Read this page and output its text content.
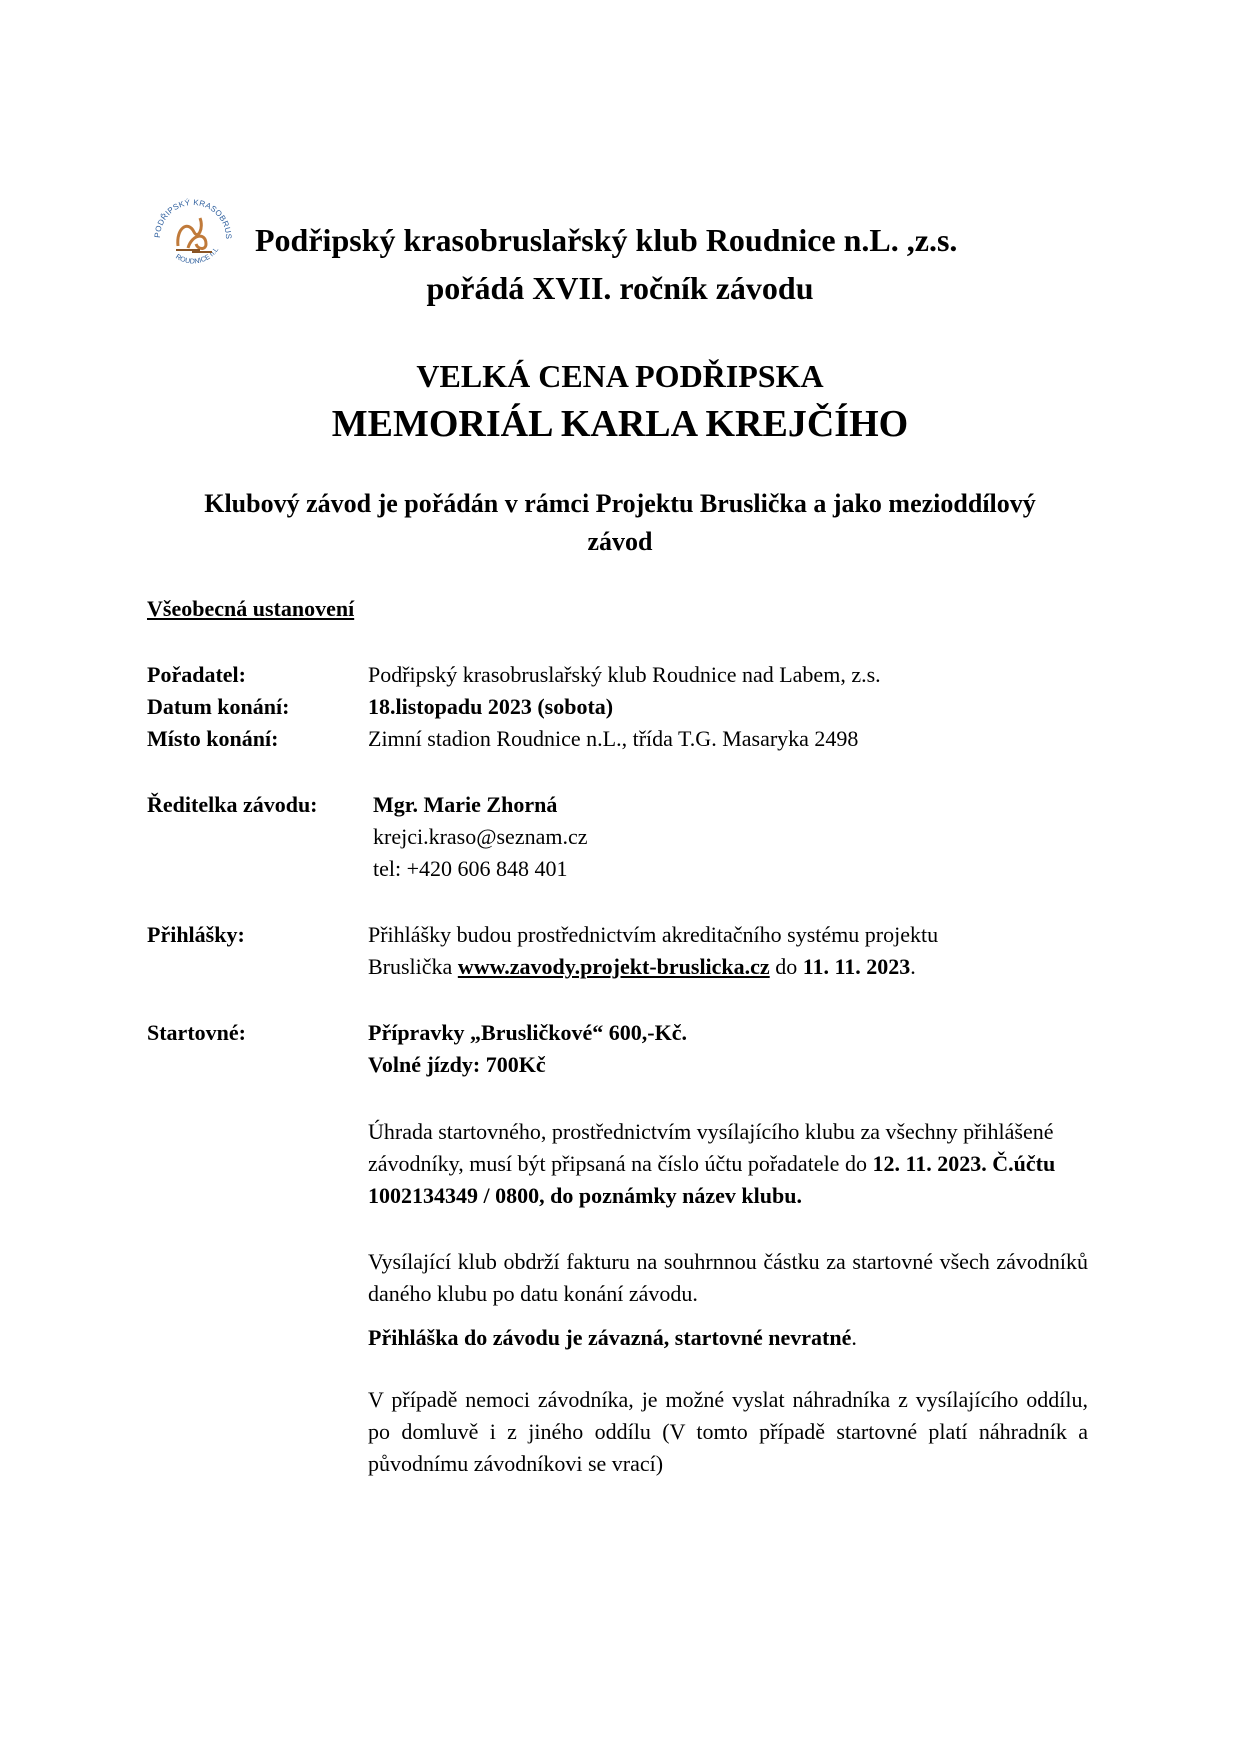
PODŘIPSKÝ KRASOBRUS
ROUDNICE n.L Podřipský krasobruslařský klub Roudnice n.L. ,z.s.
pořádá XVII. ročník závodu
VELKÁ CENA PODŘIPSKA
MEMORIÁL KARLA KREJČÍHO
Klubový závod je pořádán v rámci Projektu Bruslička a jako mezioddílový
závod
Všeobecná ustanovení
Pořadatel:	Podřipský krasobruslařský klub Roudnice nad Labem, z.s.
Datum konání:	18.listopadu 2023 (sobota)
Místo konání:	Zimní stadion Roudnice n.L., třída T.G. Masaryka 2498
Ředitelka závodu:	Mgr. Marie Zhorná
krejci.kraso@seznam.cz
tel: +420 606 848 401
Přihlášky:	Přihlášky budou prostřednictvím akreditačního systému projektu
Bruslička www.zavody.projekt-bruslicka.cz do 11. 11. 2023.
Startovné:	Přípravky „Brusličkové“ 600,-Kč.
Volné jízdy: 700Kč
Úhrada startovného, prostřednictvím vysílajícího klubu za všechny přihlášené závodníky, musí být připsaná na číslo účtu pořadatele do 12. 11. 2023. Č.účtu 1002134349 / 0800, do poznámky název klubu.
Vysílající klub obdrží fakturu na souhrnnou částku za startovné všech závodníků daného klubu po datu konání závodu.
Přihláška do závodu je závazná, startovné nevratné.
V případě nemoci závodníka, je možné vyslat náhradníka z vysílajícího oddílu, po domluvě i z jiného oddílu (V tomto případě startovné platí náhradník a původnímu závodníkovi se vrací)
